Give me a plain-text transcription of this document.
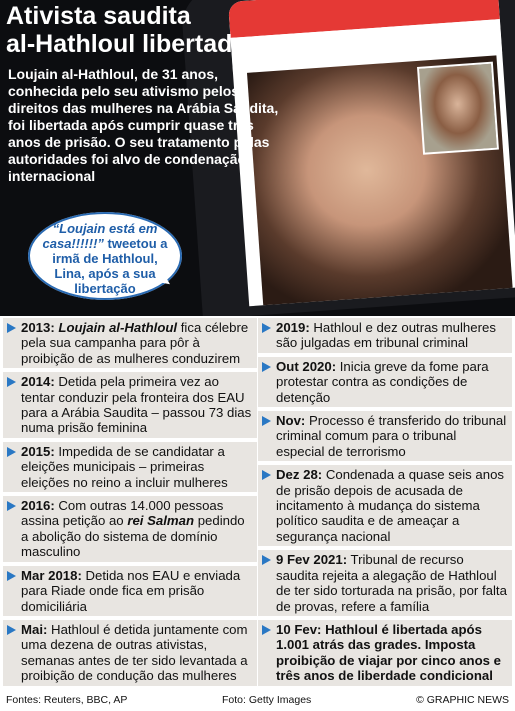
Ativista saudita
al-Hathloul libertada

Loujain al-Hathloul, de 31 anos, conhecida pelo seu ativismo pelos direitos das mulheres na Arábia Saudita, foi libertada após cumprir quase três anos de prisão. O seu tratamento pelas autoridades foi alvo de condenação internacional

“Loujain está em casa!!!!!!” tweetou a irmã de Hathloul, Lina, após a sua libertação

2013: Loujain al-Hathloul fica célebre pela sua campanha para pôr à proibição de as mulheres conduzirem
2014: Detida pela primeira vez ao tentar conduzir pela fronteira dos EAU para a Arábia Saudita – passou 73 dias numa prisão feminina
2015: Impedida de se candidatar a eleições municipais – primeiras eleições no reino a incluir mulheres
2016: Com outras 14.000 pessoas assina petição ao rei Salman pedindo a abolição do sistema de domínio masculino
Mar 2018: Detida nos EAU e enviada para Riade onde fica em prisão domiciliária
Mai: Hathloul é detida juntamente com uma dezena de outras ativistas, semanas antes de ter sido levantada a proibição de condução das mulheres
2019: Hathloul e dez outras mulheres são julgadas em tribunal criminal
Out 2020: Inicia greve da fome para protestar contra as condições de detenção
Nov: Processo é transferido do tribunal criminal comum para o tribunal especial de terrorismo
Dez 28: Condenada a quase seis anos de prisão depois de acusada de incitamento à mudança do sistema político saudita e de ameaçar a segurança nacional
9 Fev 2021: Tribunal de recurso saudita rejeita a alegação de Hathloul de ter sido torturada na prisão, por falta de provas, refere a família
10 Fev: Hathloul é libertada após 1.001 atrás das grades. Imposta proibição de viajar por cinco anos e três anos de liberdade condicional
Fontes: Reuters, BBC, AP	Foto: Getty Images	© GRAPHIC NEWS
